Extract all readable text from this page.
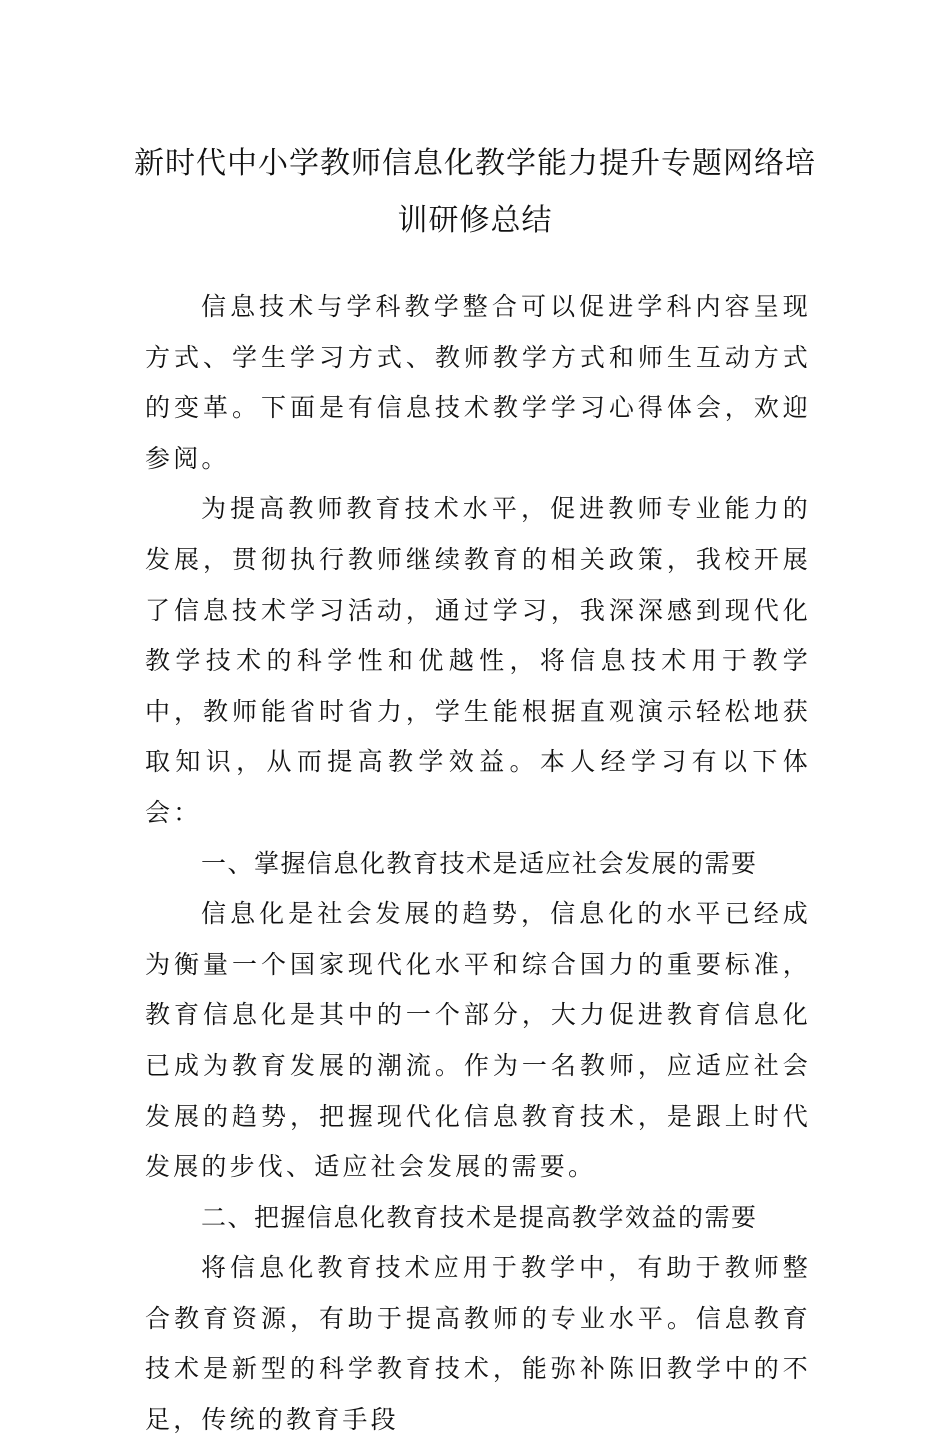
新时代中小学教师信息化教学能力提升专题网络培
训研修总结

信息技术与学科教学整合可以促进学科内容呈现方式、学生学习方式、教师教学方式和师生互动方式的变革。下面是有信息技术教学学习心得体会，欢迎参阅。

为提高教师教育技术水平，促进教师专业能力的发展，贯彻执行教师继续教育的相关政策，我校开展了信息技术学习活动，通过学习，我深深感到现代化教学技术的科学性和优越性，将信息技术用于教学中，教师能省时省力，学生能根据直观演示轻松地获取知识，从而提高教学效益。本人经学习有以下体会：

一、掌握信息化教育技术是适应社会发展的需要

信息化是社会发展的趋势，信息化的水平已经成为衡量一个国家现代化水平和综合国力的重要标准，教育信息化是其中的一个部分，大力促进教育信息化已成为教育发展的潮流。作为一名教师，应适应社会发展的趋势，把握现代化信息教育技术，是跟上时代发展的步伐、适应社会发展的需要。

二、把握信息化教育技术是提高教学效益的需要

将信息化教育技术应用于教学中，有助于教师整合教育资源，有助于提高教师的专业水平。信息教育技术是新型的科学教育技术，能弥补陈旧教学中的不足，传统的教育手段
